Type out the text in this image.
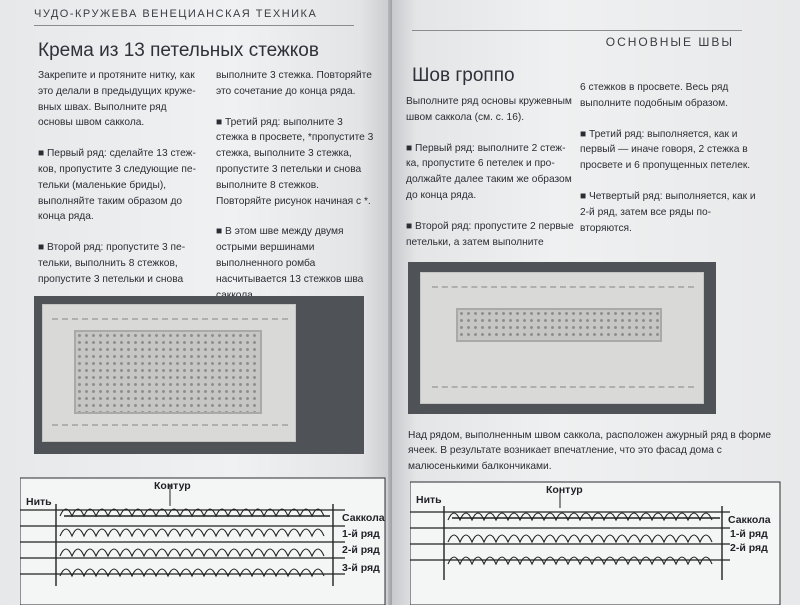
ЧУДО-КРУЖЕВА ВЕНЕЦИАНСКАЯ ТЕХНИКА
Крема из 13 петельных стежков

Закрепите и протяните нитку, как это делали в предыдущих кружевных швах. Выполните ряд основы швом саккола.

■ Первый ряд: сделайте 13 стежков, пропустите 3 следующие петельки (маленькие бриды), выполняйте таким образом до конца ряда.

■ Второй ряд: пропустите 3 петельки, выполнить 8 стежков, пропустите 3 петельки и снова

выполните 3 стежка. Повторяйте это сочетание до конца ряда.

■ Третий ряд: выполните 3 стежка в просвете, *пропустите 3 стежка, выполните 3 стежка, пропустите 3 петельки и снова выполните 8 стежков. Повторяйте рисунок начиная с *.

■ В этом шве между двумя острыми вершинами выполненного ромба насчитывается 13 стежков шва

Нить
Контур
Саккола
1-й ряд
2-й ряд
3-й ряд
ОСНОВНЫЕ ШВЫ
Шов гроппо

Выполните ряд основы кружевным швом саккола (см. с. 16).

■ Первый ряд: выполните 2 стежка, пропустите 6 петелек и продолжайте далее таким же образом до конца ряда.

■ Второй ряд: пропустите 2 первые петельки, а затем выполните

6 стежков в просвете. Весь ряд выполните подобным образом.

■ Третий ряд: выполняется, как и первый — иначе говоря, 2 стежка в просвете и 6 пропущенных петелек.

■ Четвертый ряд: выполняется, как и 2-й ряд, затем все ряды повторяются.

Над рядом, выполненным швом саккола, расположен ажурный ряд в форме ячеек. В результате возникает впечатление, что это фасад дома с малюсенькими балкончиками.

Нить
Контур
Саккола
1-й ряд
2-й ряд
